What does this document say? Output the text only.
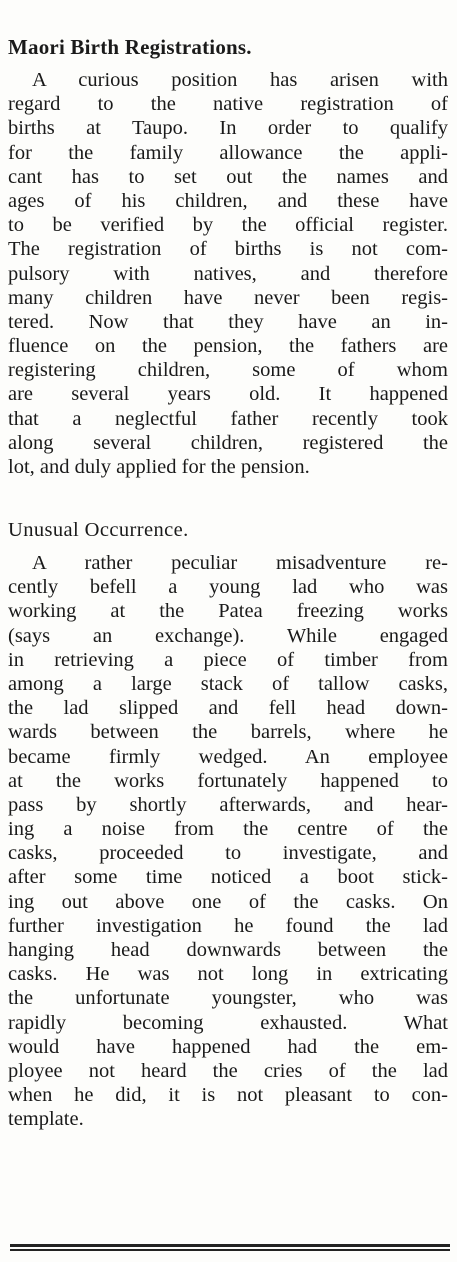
Maori Birth Registrations.
A curious position has arisen with
regard to the native registration of
births at Taupo. In order to qualify
for the family allowance the appli-
cant has to set out the names and
ages of his children, and these have
to be verified by the official register.
The registration of births is not com-
pulsory with natives, and therefore
many children have never been regis-
tered. Now that they have an in-
fluence on the pension, the fathers are
registering children, some of whom
are several years old. It happened
that a neglectful father recently took
along several children, registered the
lot, and duly applied for the pension.
Unusual Occurrence.
A rather peculiar misadventure re-
cently befell a young lad who was
working at the Patea freezing works
(says an exchange). While engaged
in retrieving a piece of timber from
among a large stack of tallow casks,
the lad slipped and fell head down-
wards between the barrels, where he
became firmly wedged. An employee
at the works fortunately happened to
pass by shortly afterwards, and hear-
ing a noise from the centre of the
casks, proceeded to investigate, and
after some time noticed a boot stick-
ing out above one of the casks. On
further investigation he found the lad
hanging head downwards between the
casks. He was not long in extricating
the unfortunate youngster, who was
rapidly becoming exhausted. What
would have happened had the em-
ployee not heard the cries of the lad
when he did, it is not pleasant to con-
template.
